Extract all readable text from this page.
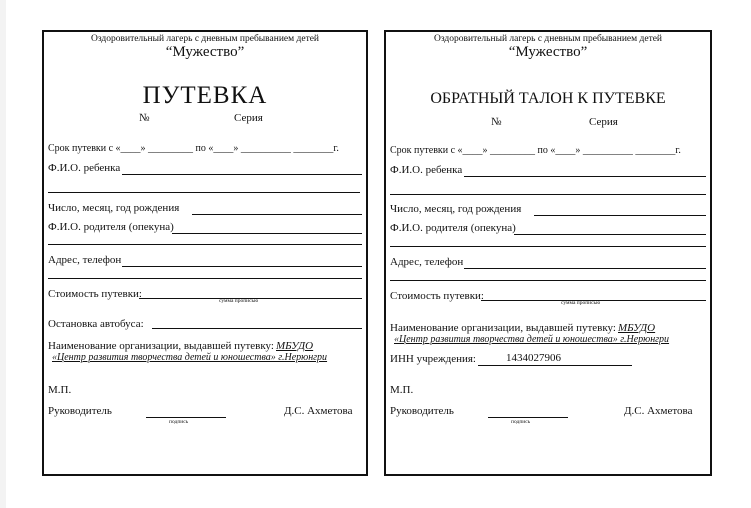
Оздоровительный лагерь с дневным пребыванием детей
“Мужество”
ПУТЕВКА
№	Серия
Срок путевки с «____» _________ по «____» __________ ________г.
Ф.И.О. ребенка
Число, месяц, год рождения
Ф.И.О. родителя (опекуна)
Адрес, телефон
Стоимость путевки:
сумма прописью
Остановка автобуса:
Наименование организации, выдавшей путевку: МБУДО
«Центр развития творчества детей и юношества» г.Нерюнгри
М.П.
Руководитель
подпись
Д.С. Ахметова
Оздоровительный лагерь с дневным пребыванием детей
“Мужество”
ОБРАТНЫЙ ТАЛОН К ПУТЕВКЕ
№	Серия
Срок путевки с «____» _________ по «____» __________ ________г.
Ф.И.О. ребенка
Число, месяц, год рождения
Ф.И.О. родителя (опекуна)
Адрес, телефон
Стоимость путевки:
сумма прописью
Наименование организации, выдавшей путевку: МБУДО
«Центр развития творчества детей и юношества» г.Нерюнгри
ИНН учреждения:	1434027906
М.П.
Руководитель
подпись
Д.С. Ахметова
